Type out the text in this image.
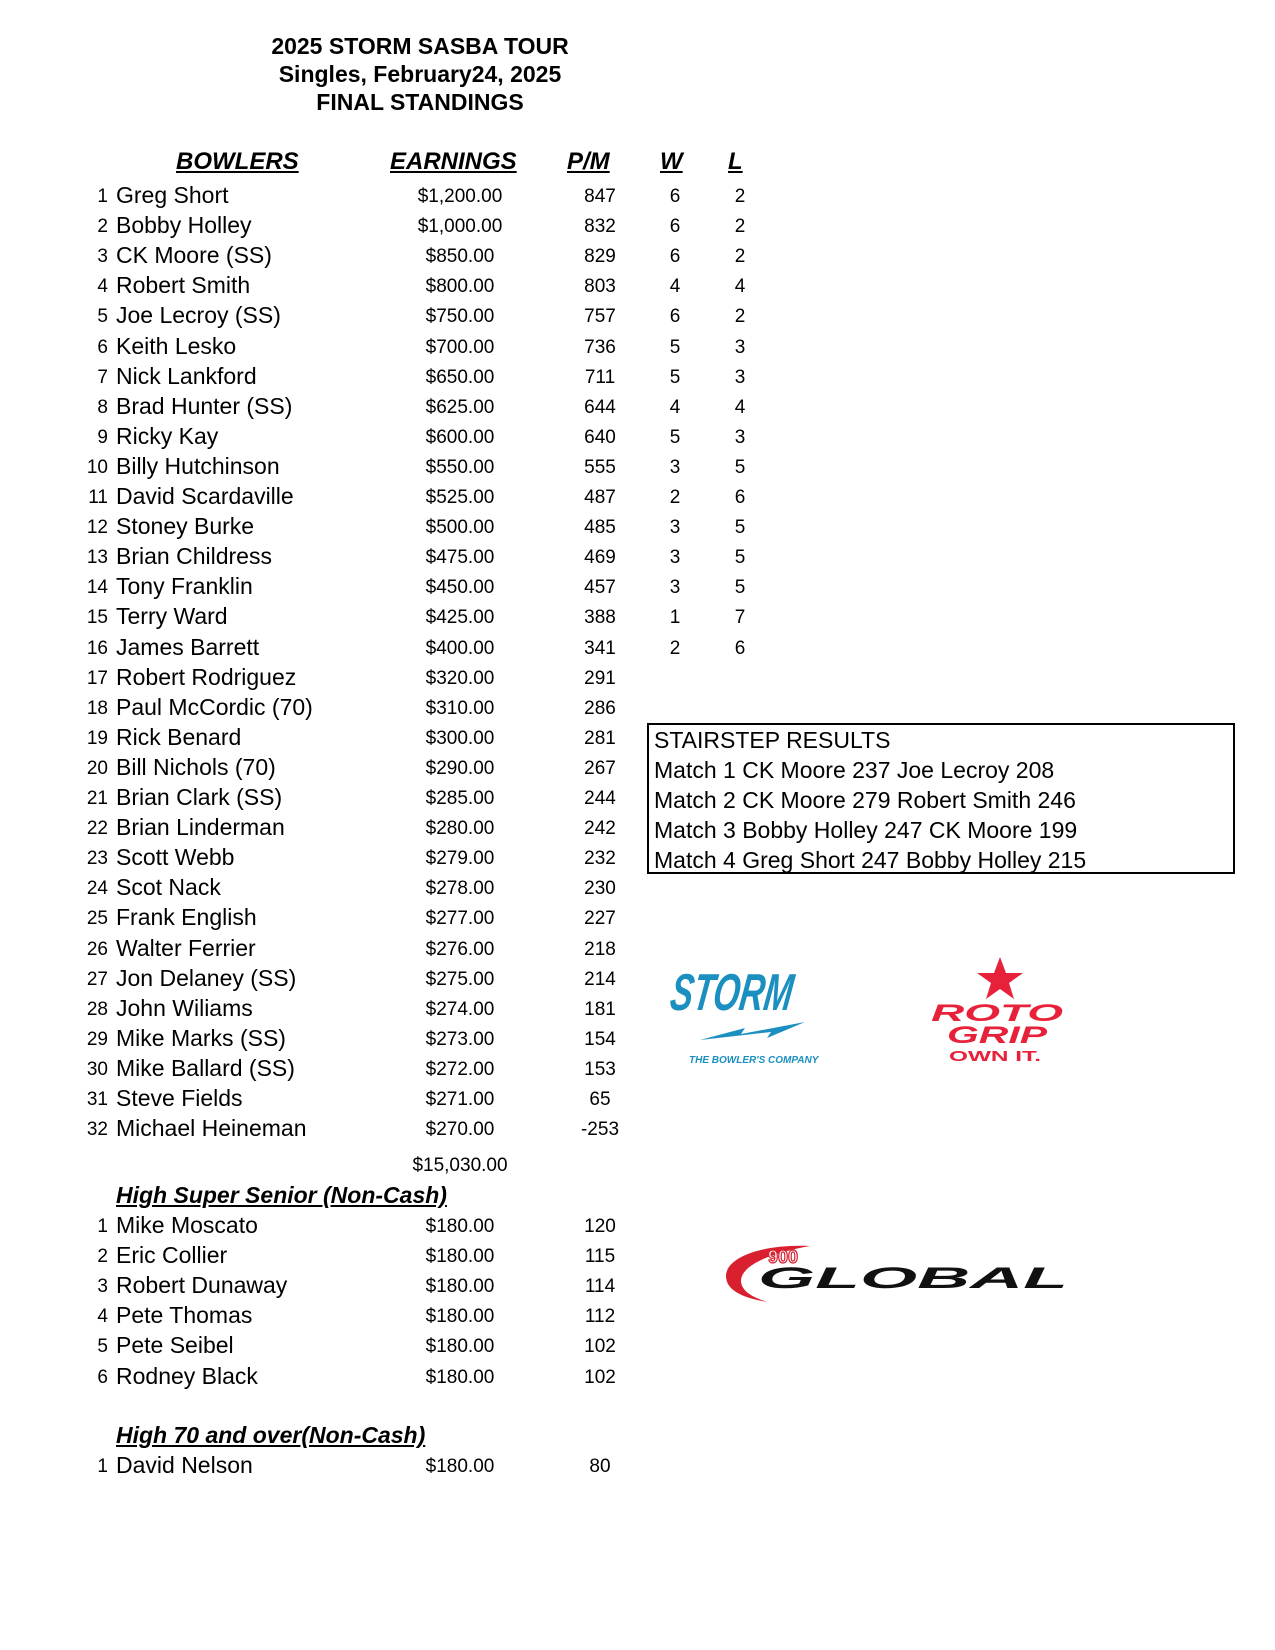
2025 STORM SASBA TOUR
Singles, February24, 2025
FINAL STANDINGS
BOWLERS	EARNINGS P/M W L
1 Greg Short	$1,200.00	847	6	2
2 Bobby Holley	$1,000.00	832	6	2
3 CK Moore (SS)	$850.00	829	6	2
4 Robert Smith	$800.00	803	4	4
5 Joe Lecroy (SS)	$750.00	757	6	2
6 Keith Lesko	$700.00	736	5	3
7 Nick Lankford	$650.00	711	5	3
8 Brad Hunter (SS)	$625.00	644	4	4
9 Ricky Kay	$600.00	640	5	3
10 Billy Hutchinson	$550.00	555	3	5
11 David Scardaville	$525.00	487	2	6
12 Stoney Burke	$500.00	485	3	5
13 Brian Childress	$475.00	469	3	5
14 Tony Franklin	$450.00	457	3	5
15 Terry Ward	$425.00	388	1	7
16 James Barrett	$400.00	341	2	6
17 Robert Rodriguez	$320.00	291
18 Paul McCordic (70)	$310.00	286
19 Rick Benard	$300.00	281
20 Bill Nichols (70)	$290.00	267
21 Brian Clark (SS)	$285.00	244
22 Brian Linderman	$280.00	242
23 Scott Webb	$279.00	232
24 Scot Nack	$278.00	230
25 Frank English	$277.00	227
26 Walter Ferrier	$276.00	218
27 Jon Delaney (SS)	$275.00	214
28 John Wiliams	$274.00	181
29 Mike Marks (SS)	$273.00	154
30 Mike Ballard (SS)	$272.00	153
31 Steve Fields	$271.00	65
32 Michael Heineman	$270.00	-253
$15,030.00
High Super Senior (Non-Cash)
1 Mike Moscato	$180.00	120
2 Eric Collier	$180.00	115
3 Robert Dunaway	$180.00	114
4 Pete Thomas	$180.00	112
5 Pete Seibel	$180.00	102
6 Rodney Black	$180.00	102
High 70 and over(Non-Cash)
1 David Nelson	$180.00	80
STAIRSTEP RESULTS
Match 1 CK Moore 237 Joe Lecroy 208
Match 2 CK Moore 279 Robert Smith 246
Match 3 Bobby Holley 247 CK Moore 199
Match 4 Greg Short 247 Bobby Holley 215
STORM
THE BOWLER'S COMPANY
ROTO
GRIP
OWN IT.
900
GLOBAL
